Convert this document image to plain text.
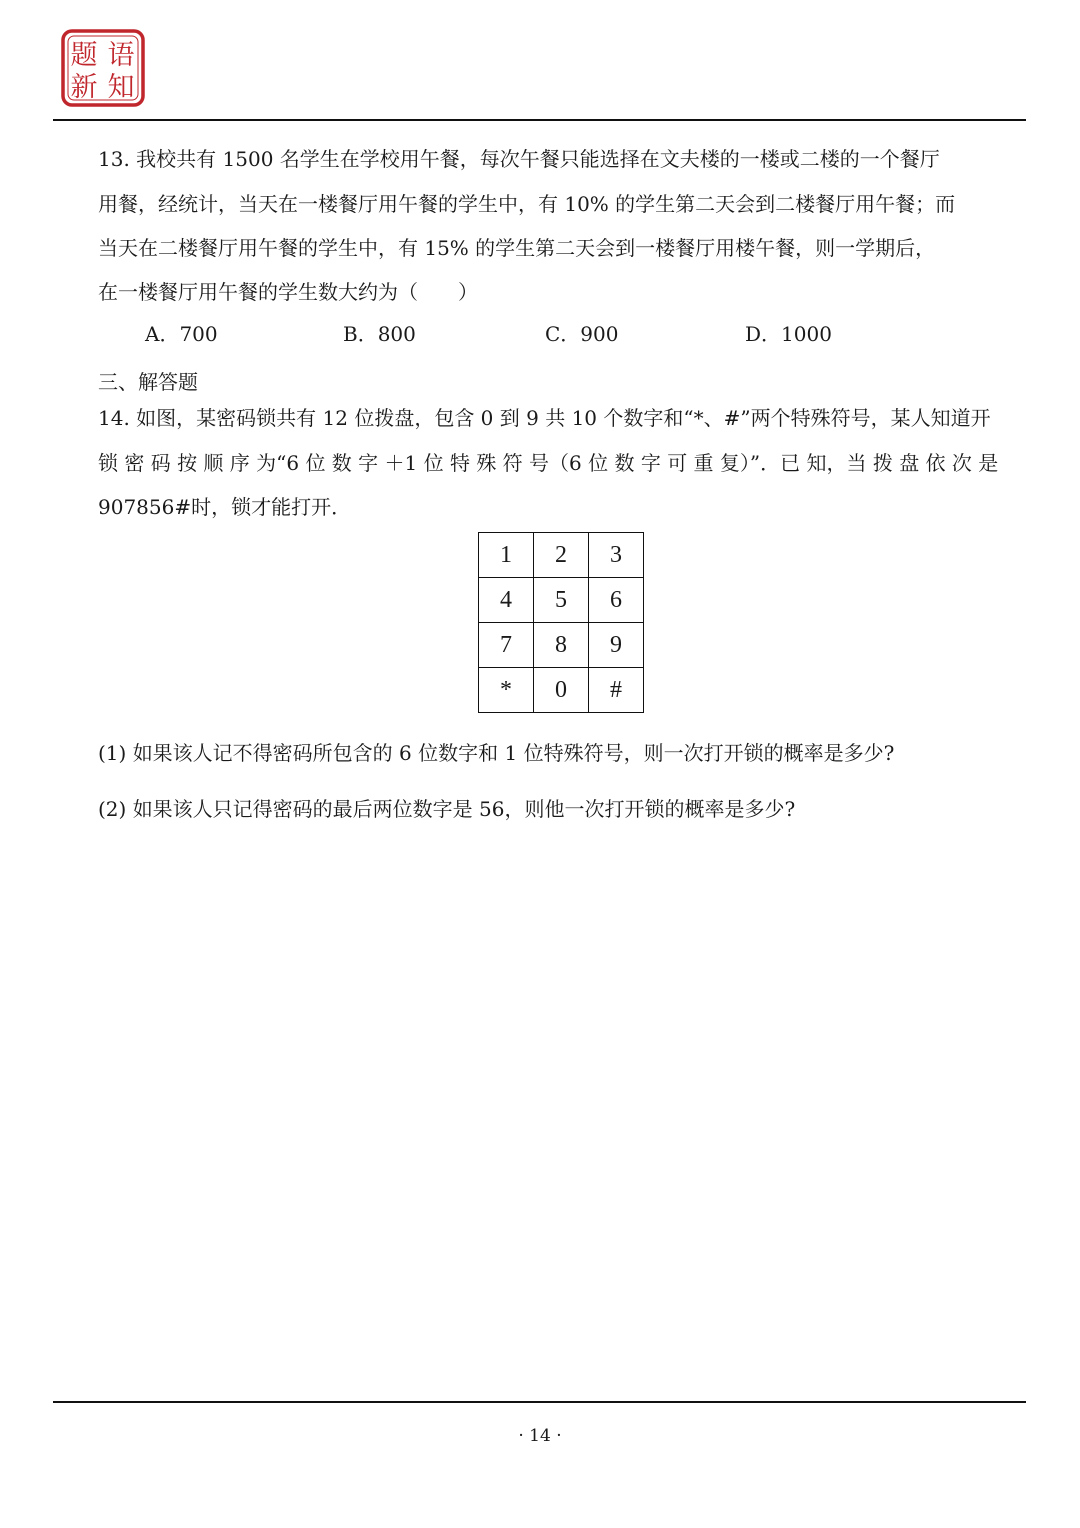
题 语
新 知
13. 我校共有 1500 名学生在学校用午餐，每次午餐只能选择在文夫楼的一楼或二楼的一个餐厅
用餐，经统计，当天在一楼餐厅用午餐的学生中，有 10% 的学生第二天会到二楼餐厅用午餐；而
当天在二楼餐厅用午餐的学生中，有 15% 的学生第二天会到一楼餐厅用楼午餐，则一学期后，
在一楼餐厅用午餐的学生数大约为（　　）
A．700	B．800	C．900	D．1000
三、解答题
14. 如图，某密码锁共有 12 位拨盘，包含 0 到 9 共 10 个数字和“*、#”两个特殊符号，某人知道开
锁 密 码 按 顺 序 为“6 位 数 字 ＋1 位 特 殊 符 号（6 位 数 字 可 重 复）”．已 知，当 拨 盘 依 次 是
907856#时，锁才能打开．
1	2	3
4	5	6
7	8	9
*	0	#
(1) 如果该人记不得密码所包含的 6 位数字和 1 位特殊符号，则一次打开锁的概率是多少?
(2) 如果该人只记得密码的最后两位数字是 56，则他一次打开锁的概率是多少?
· 14 ·
